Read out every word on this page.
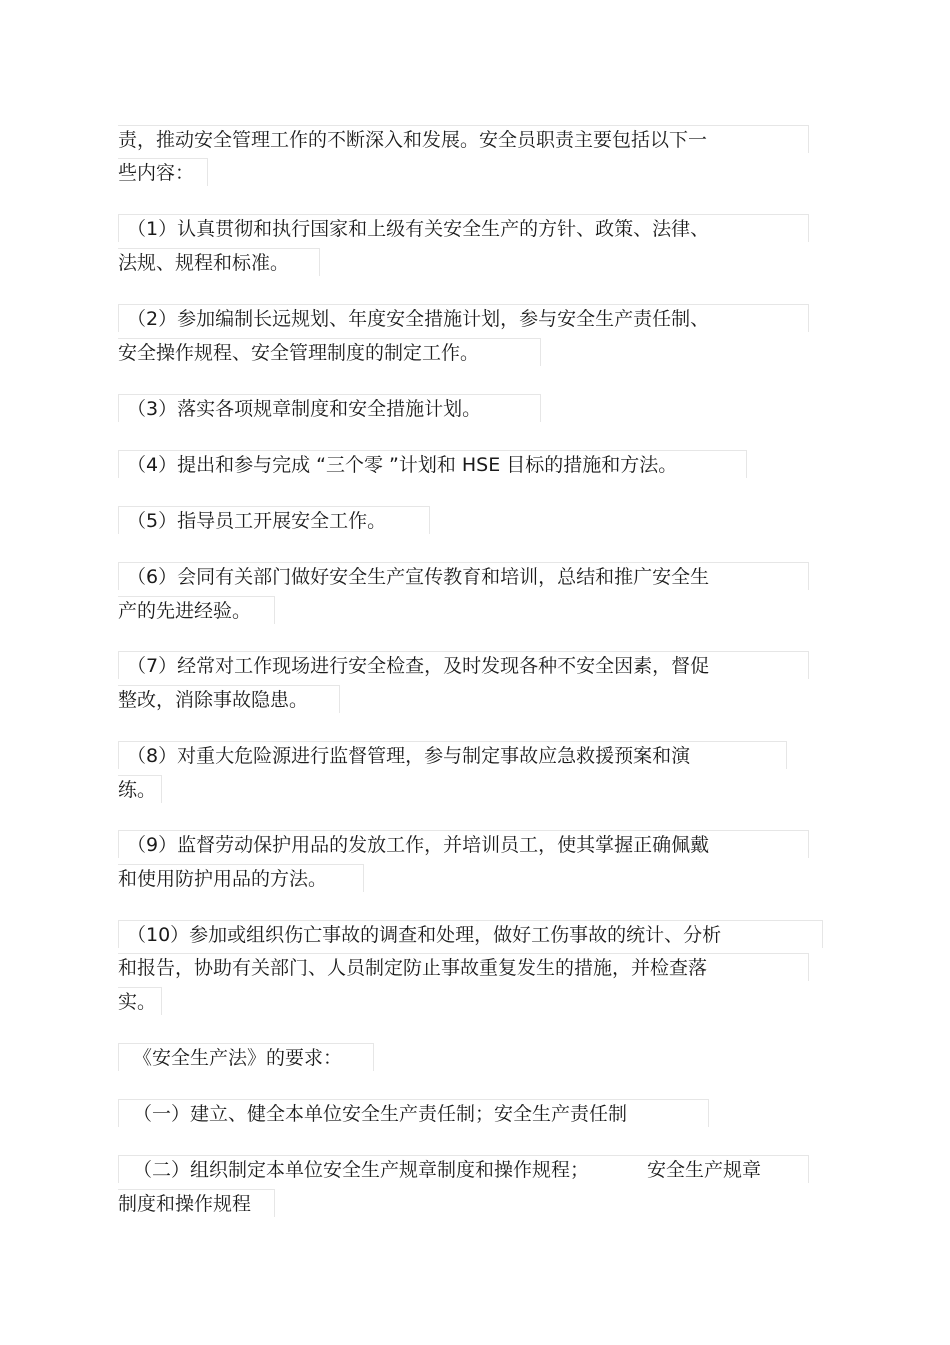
责，推动安全管理工作的不断深入和发展。安全员职责主要包括以下一
些内容：
（1）认真贯彻和执行国家和上级有关安全生产的方针、政策、法律、
法规、规程和标准。
（2）参加编制长远规划、年度安全措施计划，参与安全生产责任制、
安全操作规程、安全管理制度的制定工作。
（3）落实各项规章制度和安全措施计划。
（4）提出和参与完成 “三个零 ”计划和 HSE 目标的措施和方法。
（5）指导员工开展安全工作。
（6）会同有关部门做好安全生产宣传教育和培训，总结和推广安全生
产的先进经验。
（7）经常对工作现场进行安全检查，及时发现各种不安全因素，督促
整改，消除事故隐患。
（8）对重大危险源进行监督管理，参与制定事故应急救援预案和演
练。
（9）监督劳动保护用品的发放工作，并培训员工，使其掌握正确佩戴
和使用防护用品的方法。
（10）参加或组织伤亡事故的调查和处理，做好工伤事故的统计、分析
和报告，协助有关部门、人员制定防止事故重复发生的措施，并检查落
实。
《安全生产法》的要求：
（一）建立、健全本单位安全生产责任制；安全生产责任制
（二）组织制定本单位安全生产规章制度和操作规程；	安全生产规章
制度和操作规程
